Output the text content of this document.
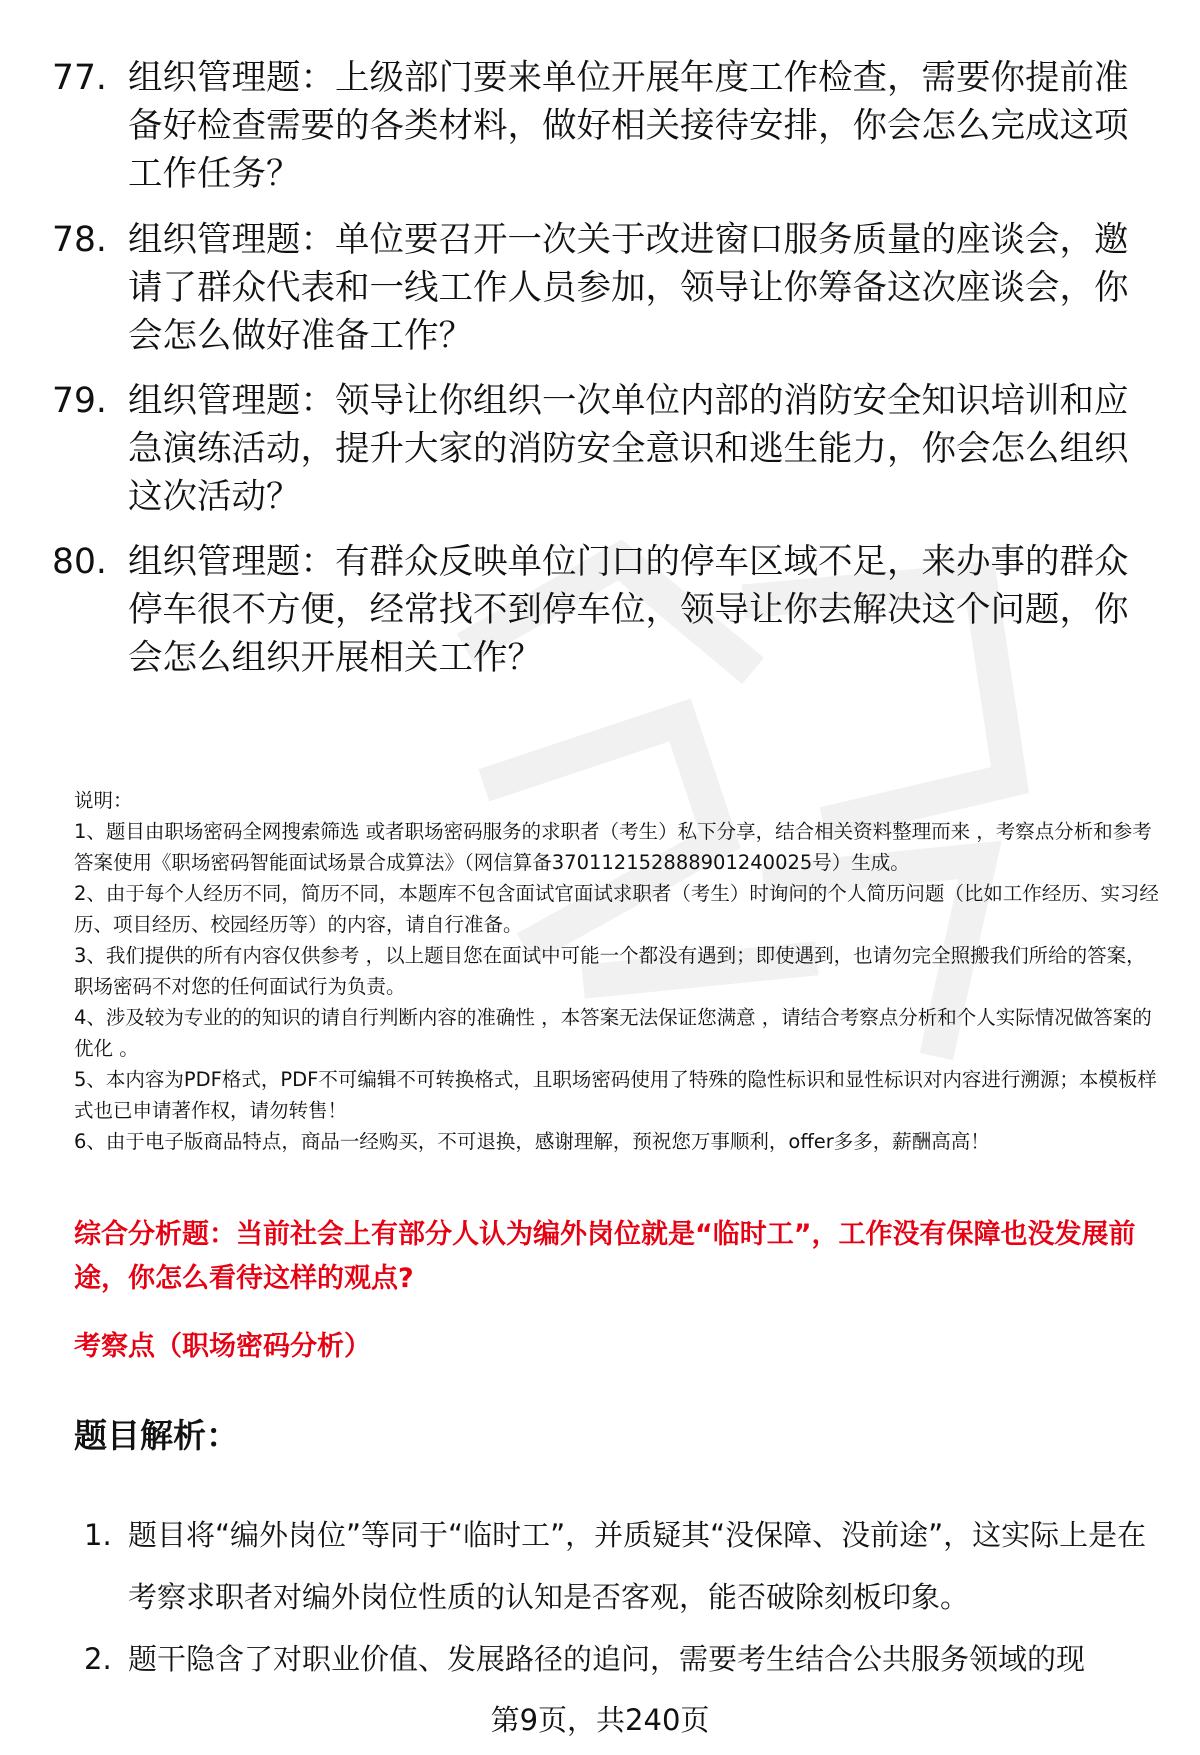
77. 组织管理题：上级部门要来单位开展年度工作检查，需要你提前准备好检查需要的各类材料，做好相关接待安排，你会怎么完成这项工作任务？
78. 组织管理题：单位要召开一次关于改进窗口服务质量的座谈会，邀请了群众代表和一线工作人员参加，领导让你筹备这次座谈会，你会怎么做好准备工作？
79. 组织管理题：领导让你组织一次单位内部的消防安全知识培训和应急演练活动，提升大家的消防安全意识和逃生能力，你会怎么组织这次活动？
80. 组织管理题：有群众反映单位门口的停车区域不足，来办事的群众停车很不方便，经常找不到停车位，领导让你去解决这个问题，你会怎么组织开展相关工作？

说明：

1、题目由职场密码全网搜索筛选 或者职场密码服务的求职者（考生）私下分享，结合相关资料整理而来 ，考察点分析和参考答案使用《职场密码智能面试场景合成算法》（网信算备370112152888901240025号）生成。

2、由于每个人经历不同，简历不同，本题库不包含面试官面试求职者（考生）时询问的个人简历问题（比如工作经历、实习经历、项目经历、校园经历等）的内容，请自行准备。

3、我们提供的所有内容仅供参考 ，以上题目您在面试中可能一个都没有遇到；即使遇到，也请勿完全照搬我们所给的答案，职场密码不对您的任何面试行为负责。

4、涉及较为专业的的知识的请自行判断内容的准确性 ，本答案无法保证您满意 ，请结合考察点分析和个人实际情况做答案的优化 。

5、本内容为PDF格式，PDF不可编辑不可转换格式，且职场密码使用了特殊的隐性标识和显性标识对内容进行溯源；本模板样式也已申请著作权，请勿转售！

6、由于电子版商品特点，商品一经购买，不可退换，感谢理解，预祝您万事顺利，offer多多，薪酬高高！

综合分析题：当前社会上有部分人认为编外岗位就是“临时工”，工作没有保障也没发展前途，你怎么看待这样的观点?
考察点（职场密码分析）
题目解析：
1. 题目将“编外岗位”等同于“临时工”，并质疑其“没保障、没前途”，这实际上是在考察求职者对编外岗位性质的认知是否客观，能否破除刻板印象。
2. 题干隐含了对职业价值、发展路径的追问，需要考生结合公共服务领域的现
第9页，共240页
